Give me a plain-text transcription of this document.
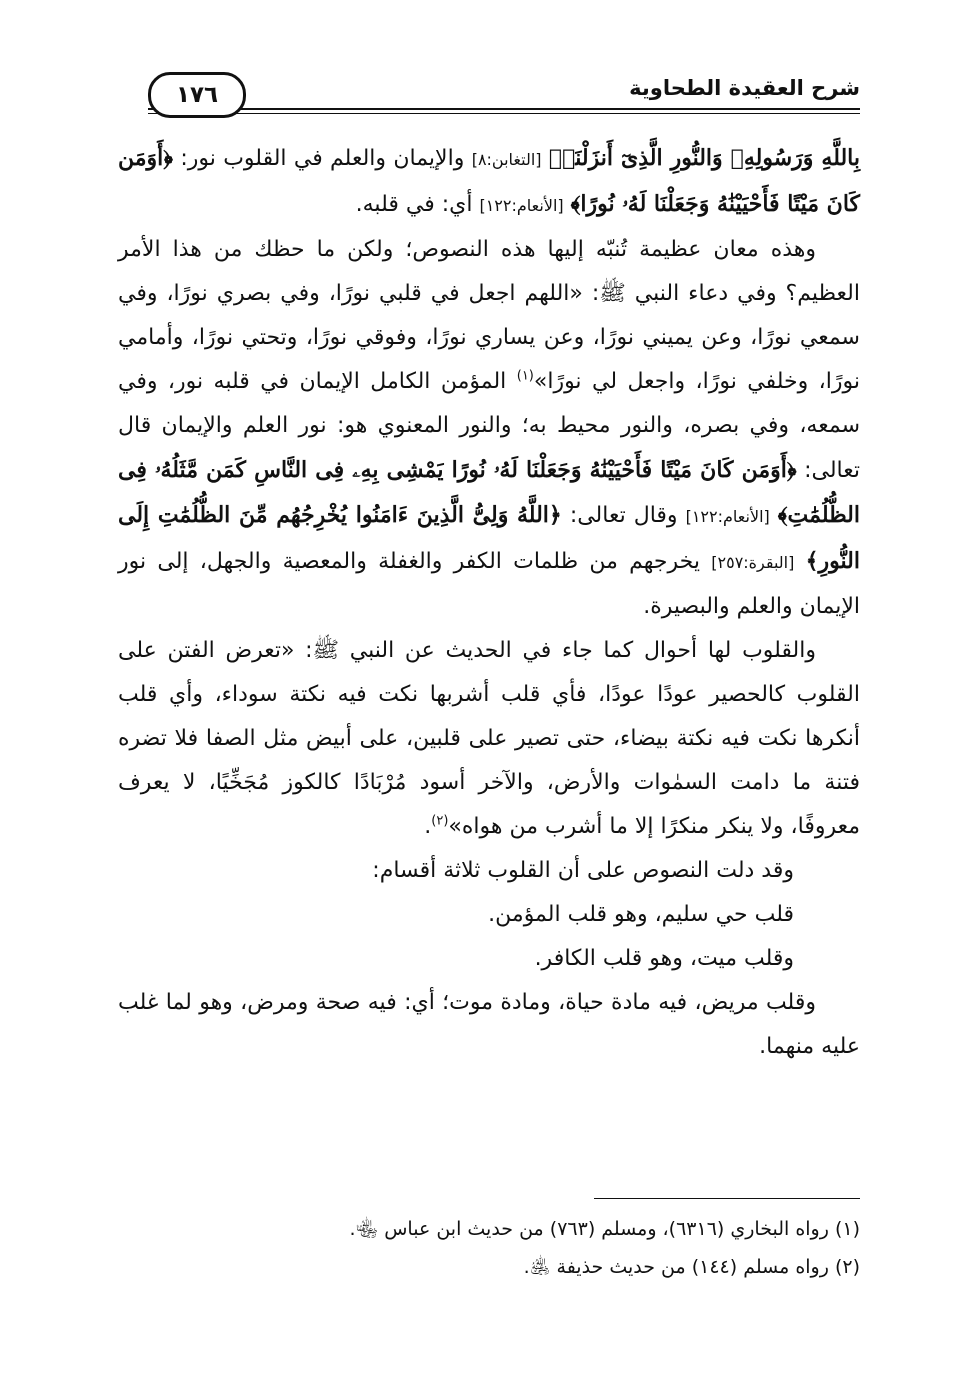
شرح العقيدة الطحاوية
١٧٦

بِاللَّهِ وَرَسُولِهِۦ وَالنُّورِ الَّذِىٓ أَنزَلْنَاۚ [التغابن:٨] والإيمان والعلم في القلوب نور: ﴿أَوَمَن كَانَ مَيْتًا فَأَحْيَيْنَٰهُ وَجَعَلْنَا لَهُۥ نُورًا﴾ [الأنعام:١٢٢] أي: في قلبه.

وهذه معان عظيمة تُنبّه إليها هذه النصوص؛ ولكن ما حظك من هذا الأمر العظيم؟ وفي دعاء النبي ﷺ: «اللهم اجعل في قلبي نورًا، وفي بصري نورًا، وفي سمعي نورًا، وعن يميني نورًا، وعن يساري نورًا، وفوقي نورًا، وتحتي نورًا، وأمامي نورًا، وخلفي نورًا، واجعل لي نورًا»$^{(١)}$ المؤمن الكامل الإيمان في قلبه نور، وفي سمعه، وفي بصره، والنور محيط به؛ والنور المعنوي هو: نور العلم والإيمان قال تعالى: ﴿أَوَمَن كَانَ مَيْتًا فَأَحْيَيْنَٰهُ وَجَعَلْنَا لَهُۥ نُورًا يَمْشِى بِهِۦ فِى النَّاسِ كَمَن مَّثَلُهُۥ فِى الظُّلُمَٰتِ﴾ [الأنعام:١٢٢] وقال تعالى: ﴿اللَّهُ وَلِىُّ الَّذِينَ ءَامَنُوا يُخْرِجُهُم مِّنَ الظُّلُمَٰتِ إِلَى النُّورِ﴾ [البقرة:٢٥٧] يخرجهم من ظلمات الكفر والغفلة والمعصية والجهل، إلى نور الإيمان والعلم والبصيرة.

والقلوب لها أحوال كما جاء في الحديث عن النبي ﷺ: «تعرض الفتن على القلوب كالحصير عودًا عودًا، فأي قلب أشربها نكت فيه نكتة سوداء، وأي قلب أنكرها نكت فيه نكتة بيضاء، حتى تصير على قلبين، على أبيض مثل الصفا فلا تضره فتنة ما دامت السمٰوات والأرض، والآخر أسود مُرْبَادًا كالكوز مُجَخِّيًا، لا يعرف معروفًا، ولا ينكر منكرًا إلا ما أشرب من هواه»$^{(٢)}$.

وقد دلت النصوص على أن القلوب ثلاثة أقسام:

قلب حي سليم، وهو قلب المؤمن.

وقلب ميت، وهو قلب الكافر.

وقلب مريض، فيه مادة حياة، ومادة موت؛ أي: فيه صحة ومرض، وهو لما غلب عليه منهما.

(١) رواه البخاري (٦٣١٦)، ومسلم (٧٦٣) من حديث ابن عباس ﵄.

(٢) رواه مسلم (١٤٤) من حديث حذيفة ﵁.
